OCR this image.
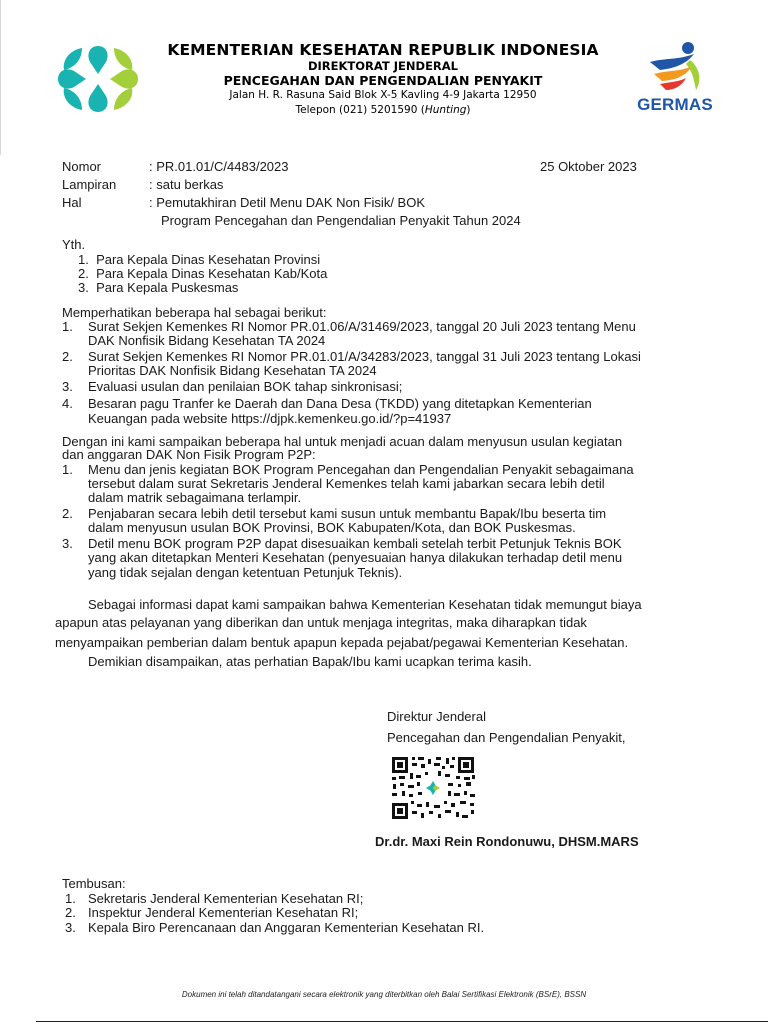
KEMENTERIAN KESEHATAN REPUBLIK INDONESIA
DIREKTORAT JENDERAL
PENCEGAHAN DAN PENGENDALIAN PENYAKIT
Jalan H. R. Rasuna Said Blok X-5 Kavling 4-9 Jakarta 12950
Telepon (021) 5201590 (Hunting)	GERMAS
Nomor	: PR.01.01/C/4483/2023	25 Oktober 2023
Lampiran	: satu berkas
Hal	: Pemutakhiran Detil Menu DAK Non Fisik/ BOK
Program Pencegahan dan Pengendalian Penyakit Tahun 2024
Yth.
1. Para Kepala Dinas Kesehatan Provinsi
2. Para Kepala Dinas Kesehatan Kab/Kota
3. Para Kepala Puskesmas
Memperhatikan beberapa hal sebagai berikut:
1. Surat Sekjen Kemenkes RI Nomor PR.01.06/A/31469/2023, tanggal 20 Juli 2023 tentang Menu
DAK Nonfisik Bidang Kesehatan TA 2024
2. Surat Sekjen Kemenkes RI Nomor PR.01.01/A/34283/2023, tanggal 31 Juli 2023 tentang Lokasi
Prioritas DAK Nonfisik Bidang Kesehatan TA 2024
3. Evaluasi usulan dan penilaian BOK tahap sinkronisasi;
4. Besaran pagu Tranfer ke Daerah dan Dana Desa (TKDD) yang ditetapkan Kementerian
Keuangan pada website https://djpk.kemenkeu.go.id/?p=41937
Dengan ini kami sampaikan beberapa hal untuk menjadi acuan dalam menyusun usulan kegiatan
dan anggaran DAK Non Fisik Program P2P:
1. Menu dan jenis kegiatan BOK Program Pencegahan dan Pengendalian Penyakit sebagaimana
tersebut dalam surat Sekretaris Jenderal Kemenkes telah kami jabarkan secara lebih detil
dalam matrik sebagaimana terlampir.
2. Penjabaran secara lebih detil tersebut kami susun untuk membantu Bapak/Ibu beserta tim
dalam menyusun usulan BOK Provinsi, BOK Kabupaten/Kota, dan BOK Puskesmas.
3. Detil menu BOK program P2P dapat disesuaikan kembali setelah terbit Petunjuk Teknis BOK
yang akan ditetapkan Menteri Kesehatan (penyesuaian hanya dilakukan terhadap detil menu
yang tidak sejalan dengan ketentuan Petunjuk Teknis).
Sebagai informasi dapat kami sampaikan bahwa Kementerian Kesehatan tidak memungut biaya
apapun atas pelayanan yang diberikan dan untuk menjaga integritas, maka diharapkan tidak
menyampaikan pemberian dalam bentuk apapun kepada pejabat/pegawai Kementerian Kesehatan.
Demikian disampaikan, atas perhatian Bapak/Ibu kami ucapkan terima kasih.
Direktur Jenderal
Pencegahan dan Pengendalian Penyakit,
Dr.dr. Maxi Rein Rondonuwu, DHSM.MARS
Tembusan:
1. Sekretaris Jenderal Kementerian Kesehatan RI;
2. Inspektur Jenderal Kementerian Kesehatan RI;
3. Kepala Biro Perencanaan dan Anggaran Kementerian Kesehatan RI.
Dokumen ini telah ditandatangani secara elektronik yang diterbitkan oleh Balai Sertifikasi Elektronik (BSrE), BSSN
